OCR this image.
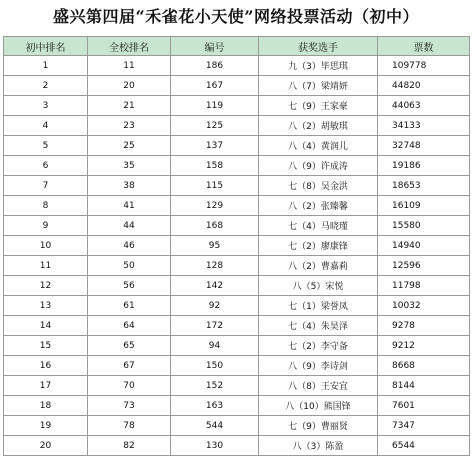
盛兴第四届“禾雀花小天使”网络投票活动（初中）
初中排名	全校排名	编号	获奖选手	票数
1	11	186	九（3）毕思琪	109778
2	20	167	八（7）梁靖妍	44820
3	21	119	七（9）王家豪	44063
4	23	125	八（2）胡敏琪	34133
5	25	137	八（4）黄润儿	32748
6	35	158	八（9）许成涛	19186
7	38	115	七（8）吴金洪	18653
8	41	129	八（2）张臻馨	16109
9	44	168	七（4）马晓瑾	15580
10	46	95	七（2）廖康锋	14940
11	50	128	八（2）曹嘉莉	12596
12	56	142	八（5）宋悦	11798
13	61	92	七（1）梁誉凤	10032
14	64	172	七（4）朱昊泽	9278
15	65	94	七（2）李守备	9212
16	67	150	八（9）李诗剑	8668
17	70	152	八（8）王安宜	8144
18	73	163	八（10）熊国锋	7601
19	78	544	七（9）曹丽贤	7347
20	82	130	八（3）陈盈	6544
